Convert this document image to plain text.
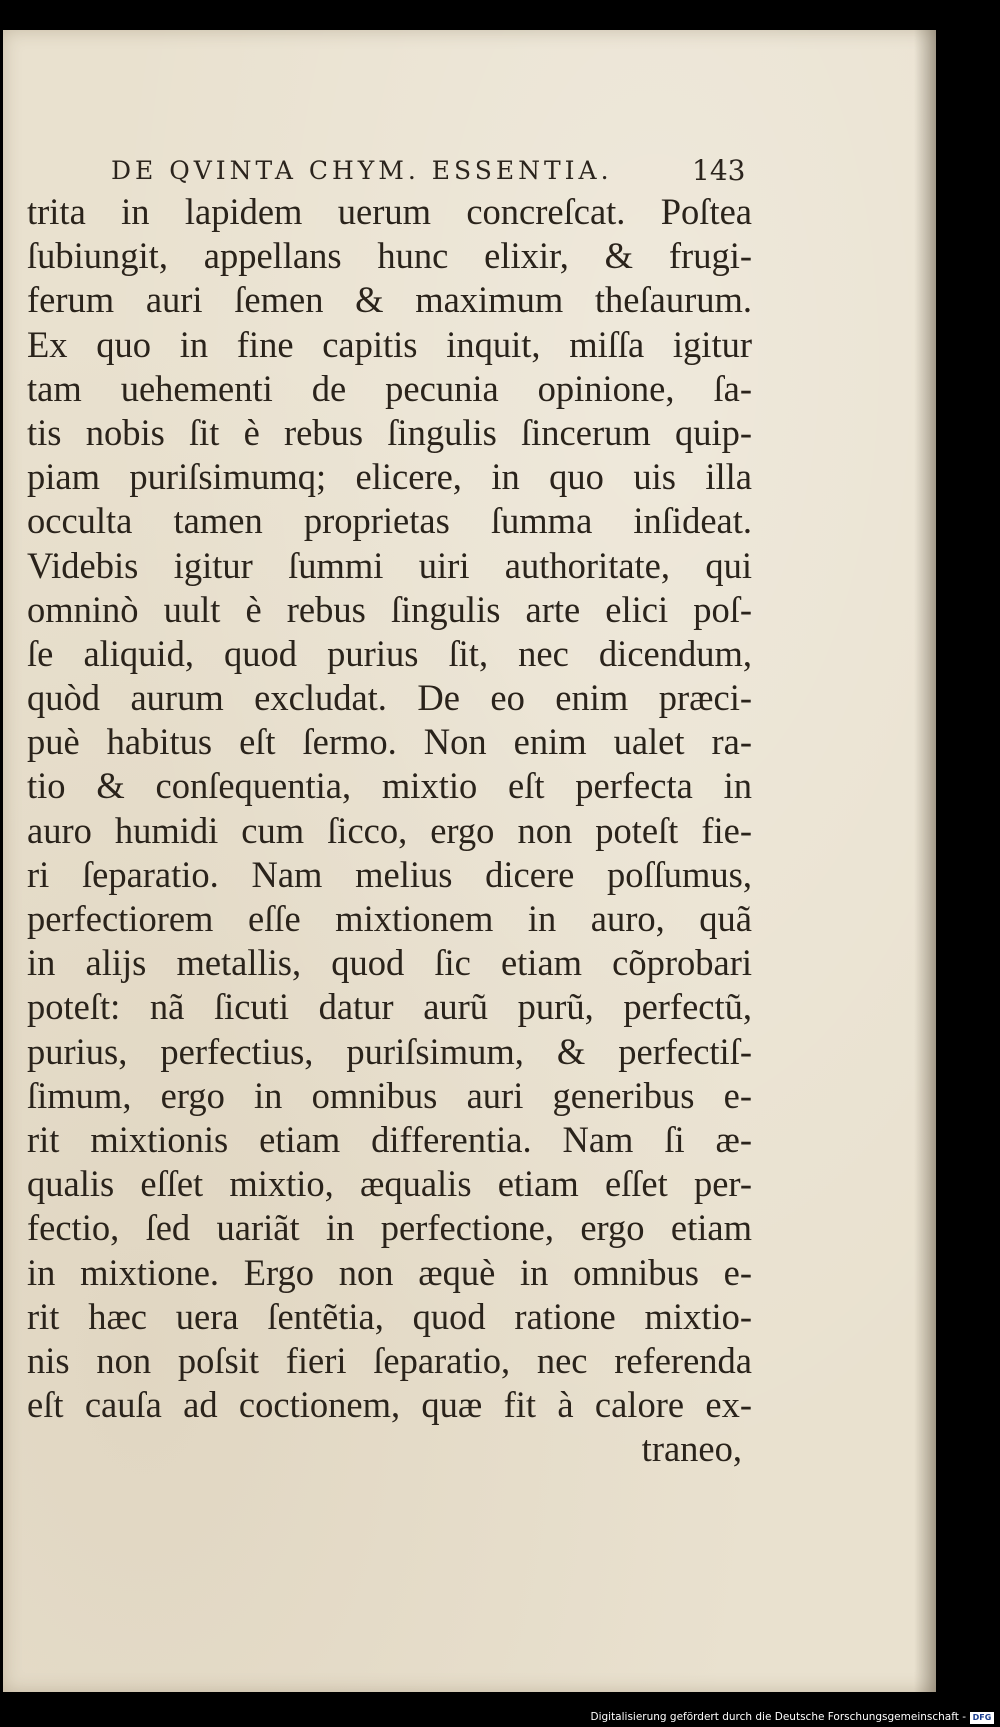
DE QVINTA CHYM. ESSENTIA.	143
trita in lapidem uerum concreſcat. Poſtea
ſubiungit, appellans hunc elixir, & frugi-
ferum auri ſemen & maximum theſaurum.
Ex quo in fine capitis inquit, miſſa igitur
tam uehementi de pecunia opinione, ſa-
tis nobis ſit è rebus ſingulis ſincerum quip-
piam puriſsimumq; elicere, in quo uis illa
occulta tamen proprietas ſumma inſideat.
Videbis igitur ſummi uiri authoritate, qui
omninò uult è rebus ſingulis arte elici poſ-
ſe aliquid, quod purius ſit, nec dicendum,
quòd aurum excludat. De eo enim præci-
puè habitus eſt ſermo. Non enim ualet ra-
tio & conſequentia, mixtio eſt perfecta in
auro humidi cum ſicco, ergo non poteſt fie-
ri ſeparatio. Nam melius dicere poſſumus,
perfectiorem eſſe mixtionem in auro, quã
in alijs metallis, quod ſic etiam cõprobari
poteſt: nã ſicuti datur aurũ purũ, perfectũ,
purius, perfectius, puriſsimum, & perfectiſ-
ſimum, ergo in omnibus auri generibus e-
rit mixtionis etiam differentia. Nam ſi æ-
qualis eſſet mixtio, æqualis etiam eſſet per-
fectio, ſed uariãt in perfectione, ergo etiam
in mixtione. Ergo non æquè in omnibus e-
rit hæc uera ſentẽtia, quod ratione mixtio-
nis non poſsit fieri ſeparatio, nec referenda
eſt cauſa ad coctionem, quæ fit à calore ex-
traneo,
Digitalisierung gefördert durch die Deutsche Forschungsgemeinschaft - DFG
